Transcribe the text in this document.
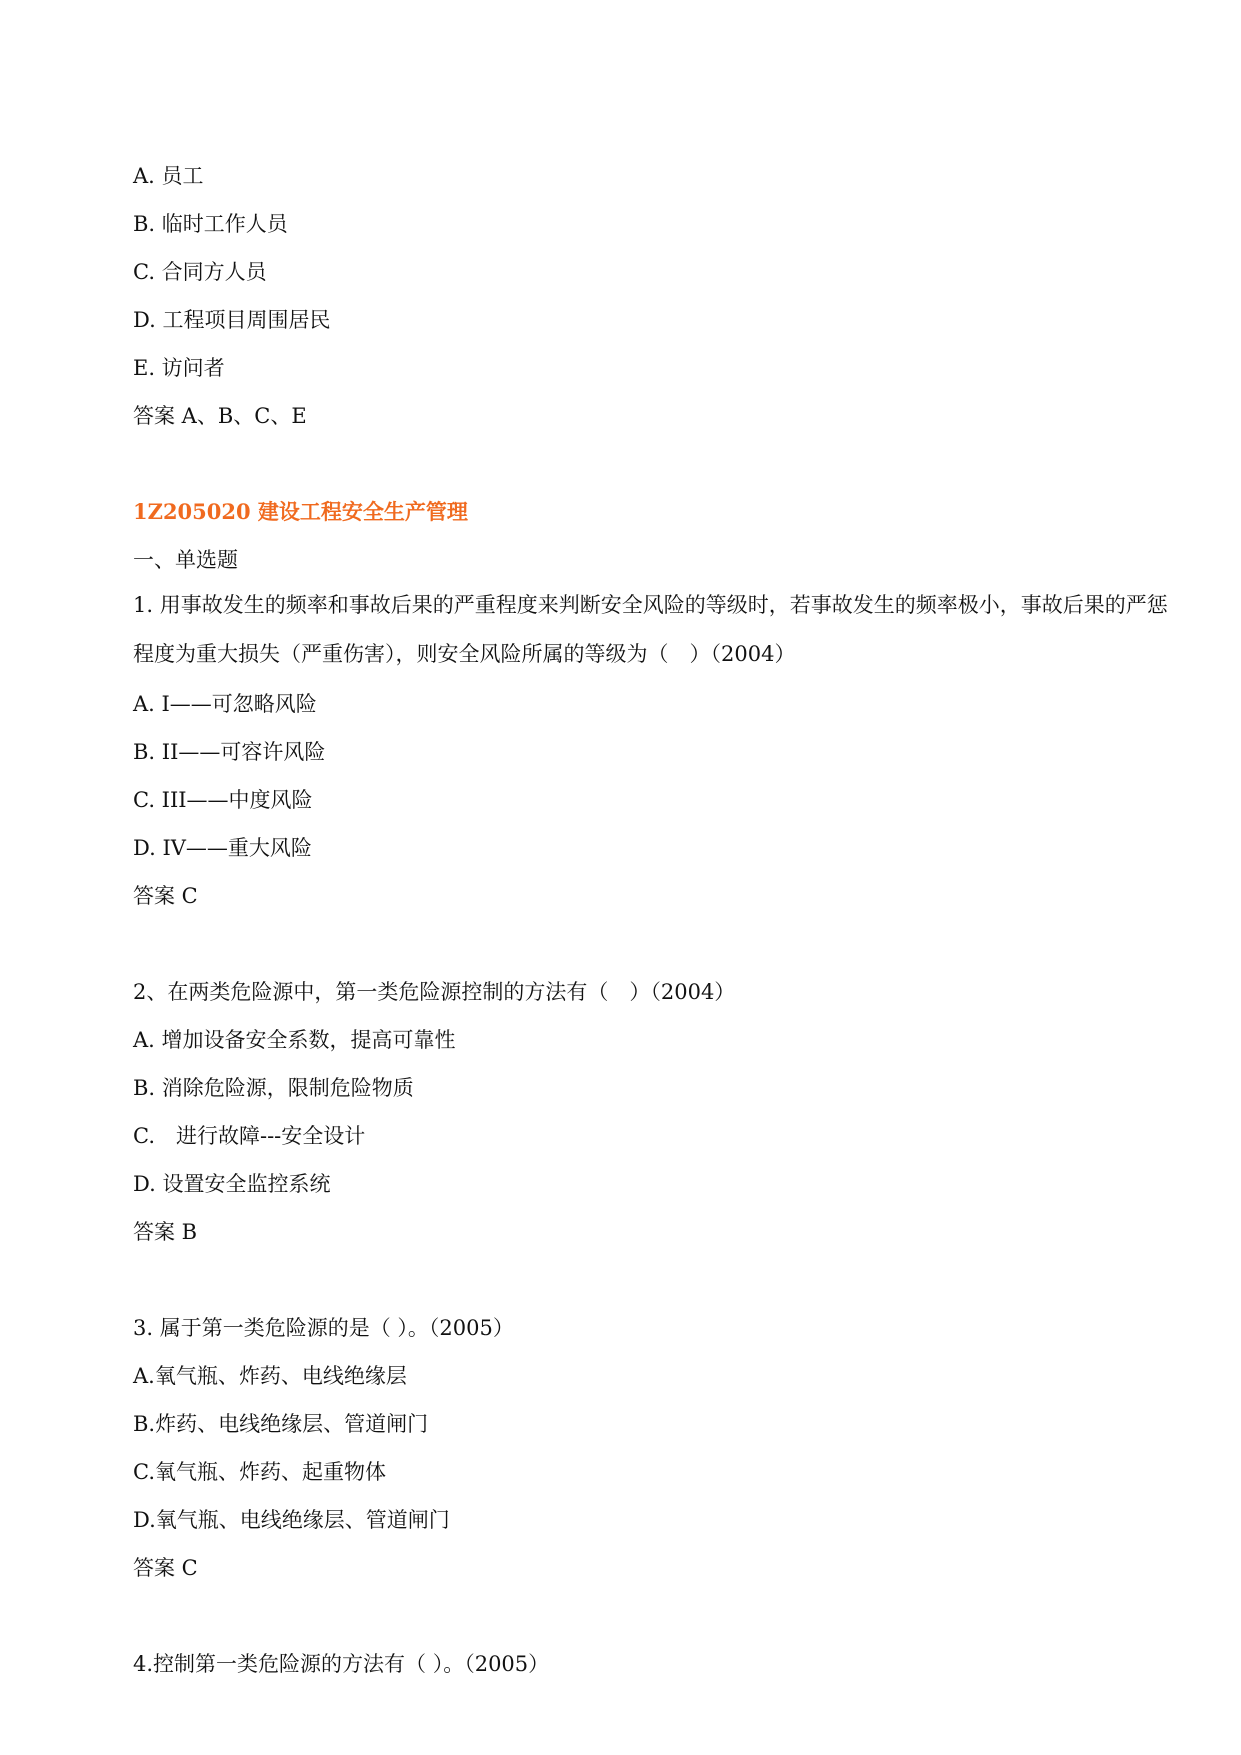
A. 员工
B. 临时工作人员
C. 合同方人员
D. 工程项目周围居民
E. 访问者
答案 A、B、C、E
1Z205020 建设工程安全生产管理
一、单选题
1. 用事故发生的频率和事故后果的严重程度来判断安全风险的等级时，若事故发生的频率极小，事故后果的严惩程度为重大损失（严重伤害），则安全风险所属的等级为（　）（2004）
A. I——可忽略风险
B. II——可容许风险
C. III——中度风险
D. IV——重大风险
答案 C
2、在两类危险源中，第一类危险源控制的方法有（　）（2004）
A. 增加设备安全系数，提高可靠性
B. 消除危险源，限制危险物质
C.　进行故障---安全设计
D. 设置安全监控系统
答案 B
3. 属于第一类危险源的是（ ）。（2005）
A.氧气瓶、炸药、电线绝缘层
B.炸药、电线绝缘层、管道闸门
C.氧气瓶、炸药、起重物体
D.氧气瓶、电线绝缘层、管道闸门
答案 C
4.控制第一类危险源的方法有（ ）。（2005）
